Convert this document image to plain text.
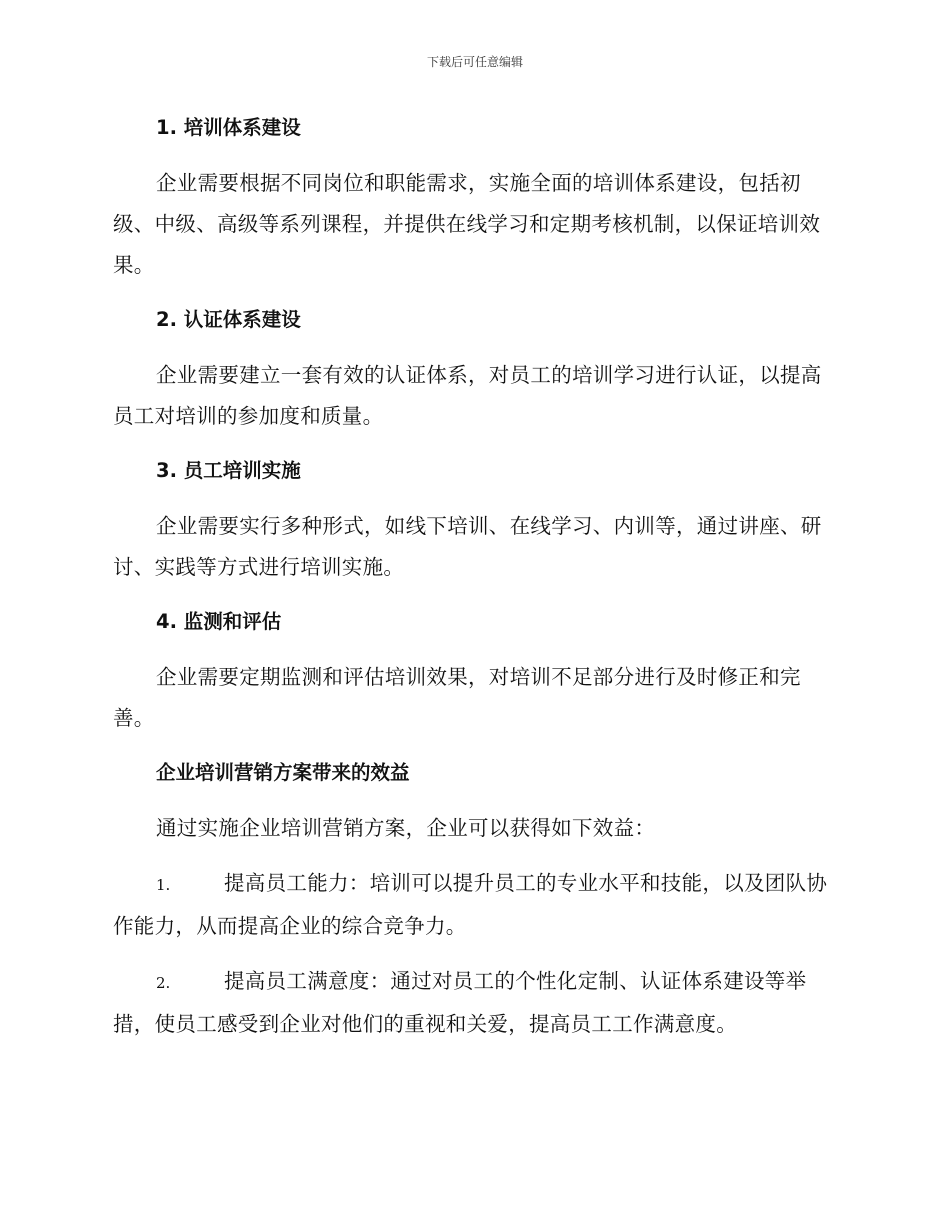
下载后可任意编辑
1. 培训体系建设

企业需要根据不同岗位和职能需求，实施全面的培训体系建设，包括初级、中级、高级等系列课程，并提供在线学习和定期考核机制，以保证培训效果。

2. 认证体系建设

企业需要建立一套有效的认证体系，对员工的培训学习进行认证，以提高员工对培训的参加度和质量。

3. 员工培训实施

企业需要实行多种形式，如线下培训、在线学习、内训等，通过讲座、研讨、实践等方式进行培训实施。

4. 监测和评估

企业需要定期监测和评估培训效果，对培训不足部分进行及时修正和完善。

企业培训营销方案带来的效益

通过实施企业培训营销方案，企业可以获得如下效益：

1.	提高员工能力：培训可以提升员工的专业水平和技能，以及团队协作能力，从而提高企业的综合竞争力。

2.	提高员工满意度：通过对员工的个性化定制、认证体系建设等举措，使员工感受到企业对他们的重视和关爱，提高员工工作满意度。
